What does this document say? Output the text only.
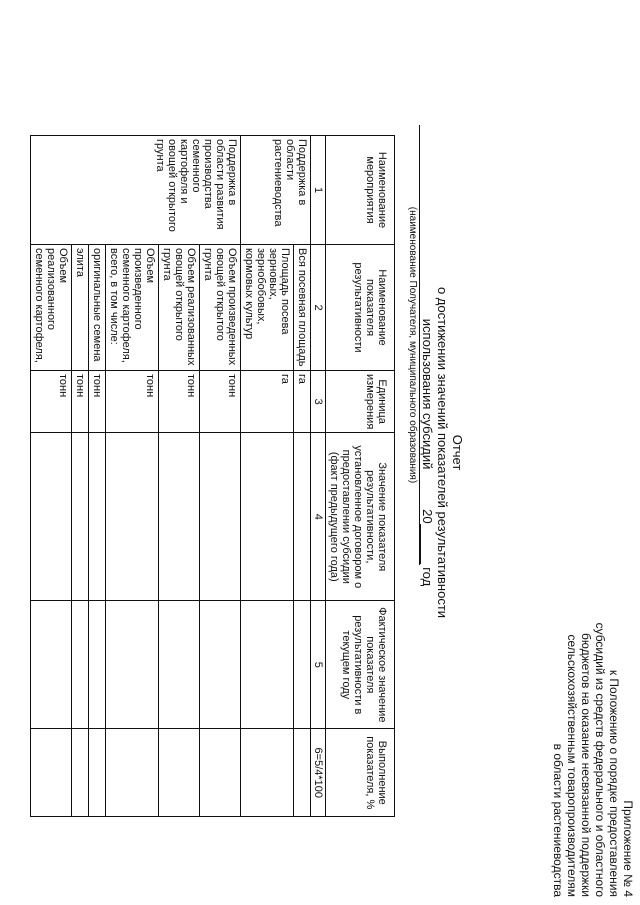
Приложение № 4
к Положению о порядке предоставления
субсидий из средств федерального и областного
бюджетов на оказание несвязанной поддержки
сельскохозяйственным товаропроизводителям
в области растениеводства
Отчет
о достижении значений показателей результативности
использования субсидий           20 год
(наименование Получателя, муниципального образования)
Наименование мероприятия	Наименование показателя результативности	Единица измерения	Значение показателя результативности, установленное договором о предоставлении субсидии (факт предыдущего года)	Фактическое значение показателя результативности в текущем году	Выполнение показателя, %
1	2	3	4	5	6=5/4*100
Поддержка в области растениеводства	Вся посевная площадь	га			
	Площадь посева зерновых, зернобобовых, кормовых культур	га			
Поддержка в области развития производства семенного картофеля и овощей открытого грунта	Объем произведенных овощей открытого грунта	тонн			
	Объем реализованных овощей открытого грунта	тонн			
	Объем произведенного семенного картофеля, всего, в том числе:	тонн			
	оригинальные семена	тонн			
	элита	тонн			
	Объем реализованного семенного картофеля,	тонн			
